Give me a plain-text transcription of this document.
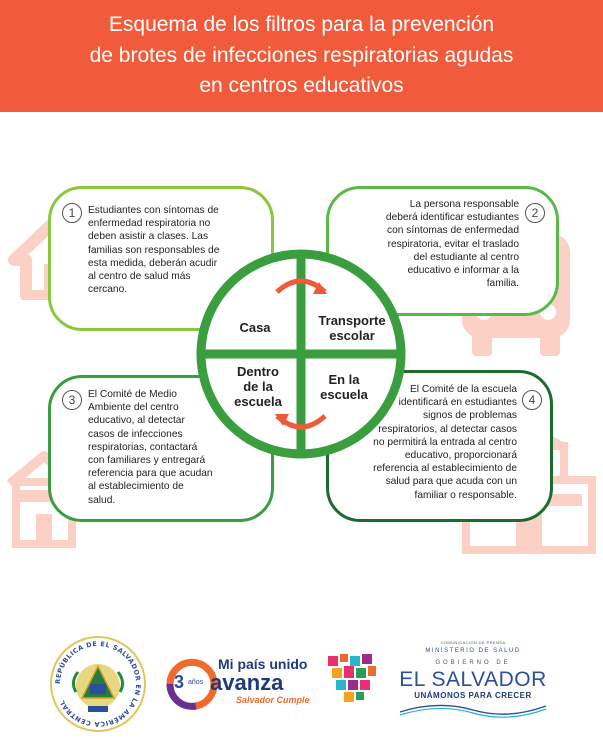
Esquema de los filtros para la prevención
de brotes de infecciones respiratorias agudas
en centros educativos
1	Estudiantes con síntomas de
enfermedad respiratoria no
deben asistir a clases. Las
familias son responsables de
esta medida, deberán acudir
al centro de salud más
cercano.
2
La persona responsable
deberá identificar estudiantes
con síntomas de enfermedad
respiratoria, evitar el traslado
del estudiante al centro
educativo e informar a la
familia.
3	El Comité de Medio
Ambiente del centro
educativo, al detectar
casos de infecciones
respiratorias, contactará
con familiares y entregará
referencia para que acudan
al establecimiento de
salud.
4
El Comité de la escuela
identificará en estudiantes
signos de problemas
respiratorios, al detectar casos
no permitirá la entrada al centro
educativo, proporcionará
referencia al establecimiento de
salud para que acuda con un
familiar o responsable.
Casa	Transporte
escolar
Dentro
de la
escuela
En la
escuela
REPÚBLICA DE EL SALVADOR EN LA AMÉRICA CENTRAL
3 años
Mi país unido
avanza
Salvador Cumple
COMUNICACIÓN DE PRENSA
MINISTERIO DE SALUD
GOBIERNO DE
EL SALVADOR
UNÁMONOS PARA CRECER
